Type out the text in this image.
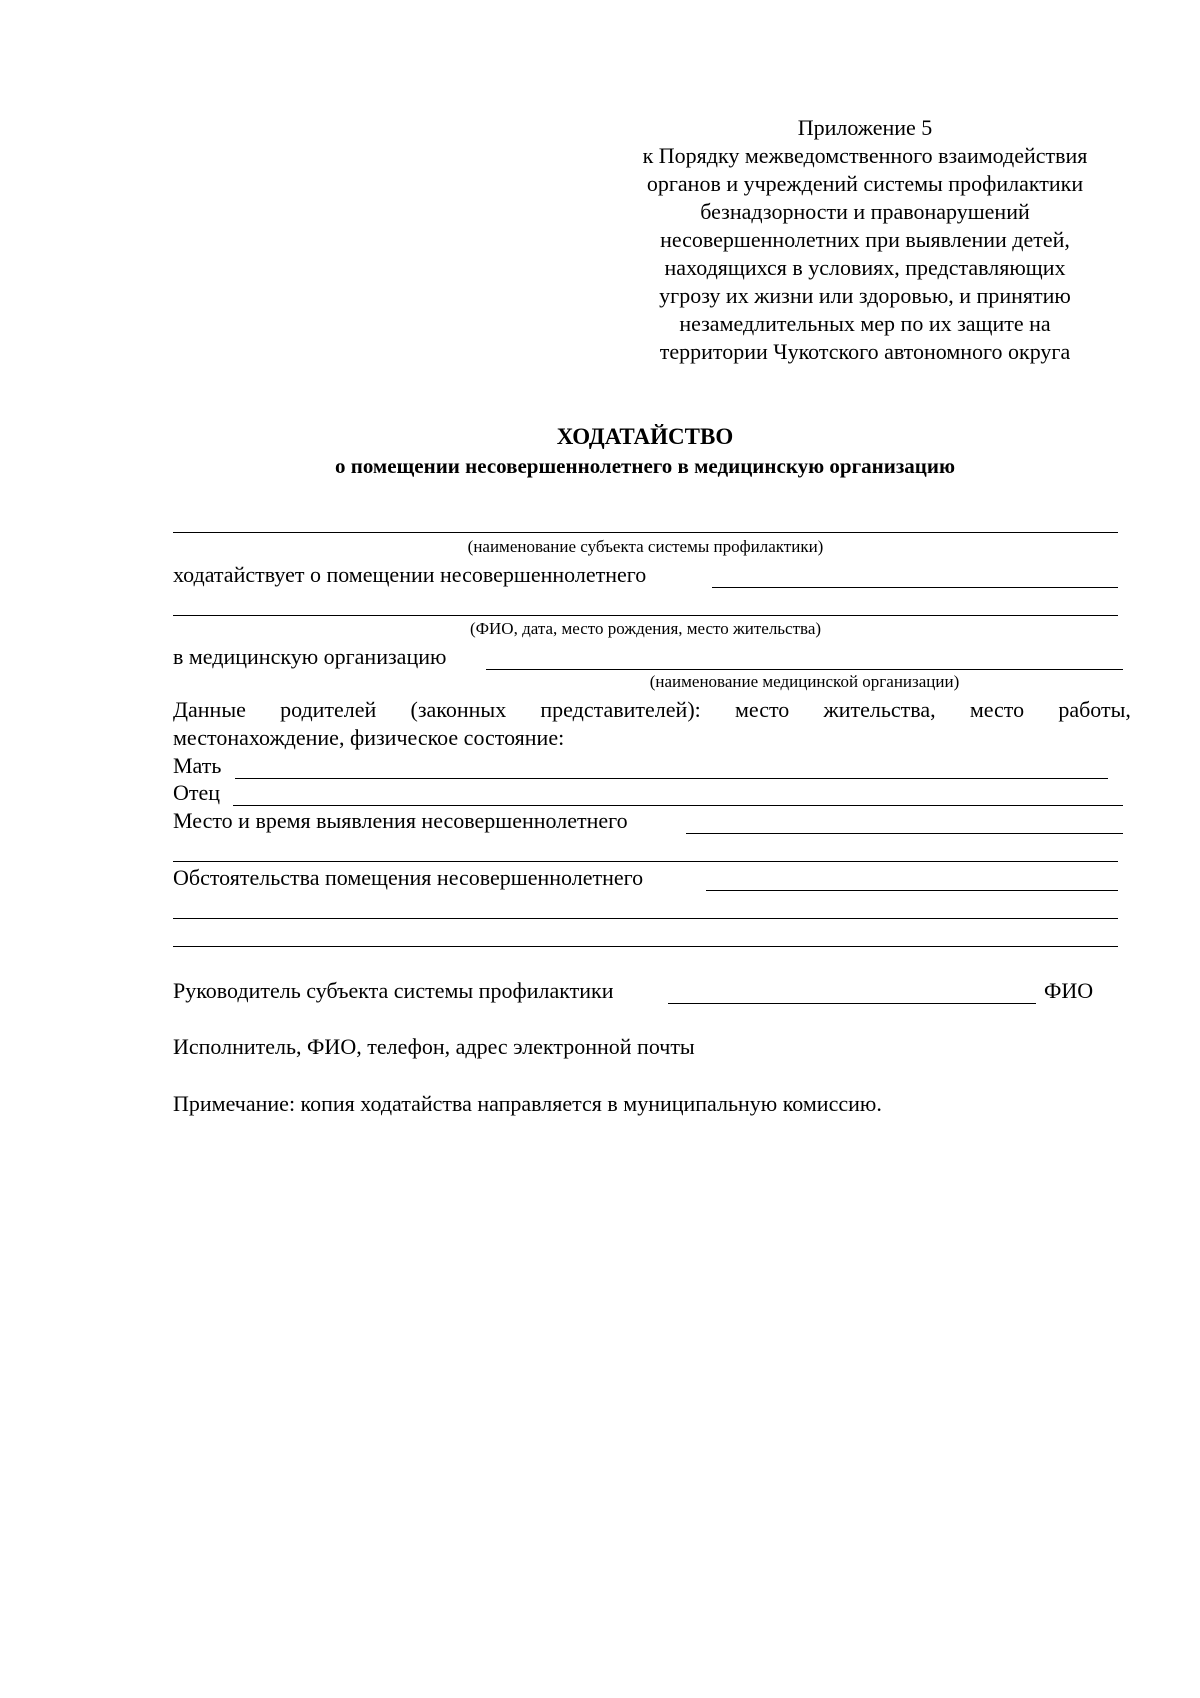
Приложение 5
к Порядку межведомственного взаимодействия
органов и учреждений системы профилактики
безнадзорности и правонарушений
несовершеннолетних при выявлении детей,
находящихся в условиях, представляющих
угрозу их жизни или здоровью, и принятию
незамедлительных мер по их защите на
территории Чукотского автономного округа
ХОДАТАЙСТВО
о помещении несовершеннолетнего в медицинскую организацию
(наименование субъекта системы профилактики)
ходатайствует о помещении несовершеннолетнего
(ФИО, дата, место рождения, место жительства)
в медицинскую организацию
(наименование медицинской организации)
Данные родителей (законных представителей): место жительства, место работы,
местонахождение, физическое состояние:
Мать
Отец
Место и время выявления несовершеннолетнего
Обстоятельства помещения несовершеннолетнего
Руководитель субъекта системы профилактики	ФИО
Исполнитель, ФИО, телефон, адрес электронной почты
Примечание: копия ходатайства направляется в муниципальную комиссию.
